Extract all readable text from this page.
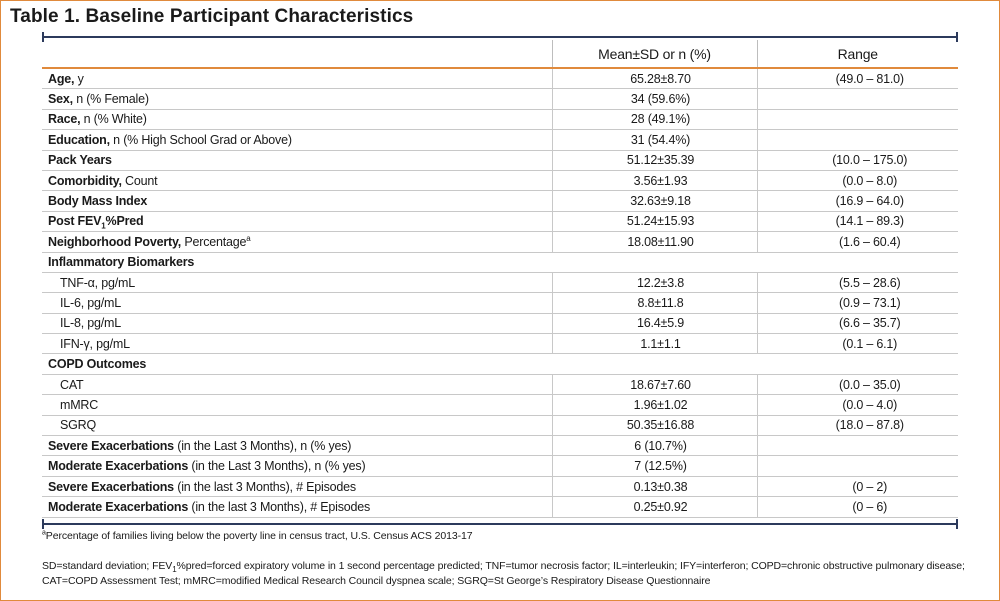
Table 1. Baseline Participant Characteristics
	Mean±SD or n (%)	Range
Age, y	65.28±8.70	(49.0 – 81.0)
Sex, n (% Female)	34 (59.6%)	
Race, n (% White)	28 (49.1%)	
Education, n (% High School Grad or Above)	31 (54.4%)	
Pack Years	51.12±35.39	(10.0 – 175.0)
Comorbidity, Count	3.56±1.93	(0.0 – 8.0)
Body Mass Index	32.63±9.18	(16.9 – 64.0)
Post $FEV_1\%Pred$	51.24±15.93	(14.1 – 89.3)
Neighborhood Poverty, Percentage$^a$	18.08±11.90	(1.6 – 60.4)
Inflammatory Biomarkers		
TNF-α, pg/mL	12.2±3.8	(5.5 – 28.6)
IL-6, pg/mL	8.8±11.8	(0.9 – 73.1)
IL-8, pg/mL	16.4±5.9	(6.6 – 35.7)
IFN-γ, pg/mL	1.1±1.1	(0.1 – 6.1)
COPD Outcomes		
CAT	18.67±7.60	(0.0 – 35.0)
mMRC	1.96±1.02	(0.0 – 4.0)
SGRQ	50.35±16.88	(18.0 – 87.8)
Severe Exacerbations (in the Last 3 Months), n (% yes)	6 (10.7%)	
Moderate Exacerbations (in the Last 3 Months), n (% yes)	7 (12.5%)	
Severe Exacerbations (in the last 3 Months), # Episodes	0.13±0.38	(0 – 2)
Moderate Exacerbations (in the last 3 Months), # Episodes	0.25±0.92	(0 – 6)
$^a$Percentage of families living below the poverty line in census tract, U.S. Census ACS 2013-17
SD=standard deviation; $FEV_1\%pred=forced$ expiratory volume in 1 second percentage predicted; TNF=tumor necrosis factor; IL=interleukin; IFY=interferon; COPD=chronic obstructive pulmonary disease;
CAT=COPD Assessment Test; mMRC=modified Medical Research Council dyspnea scale; SGRQ=St George’s Respiratory Disease Questionnaire
